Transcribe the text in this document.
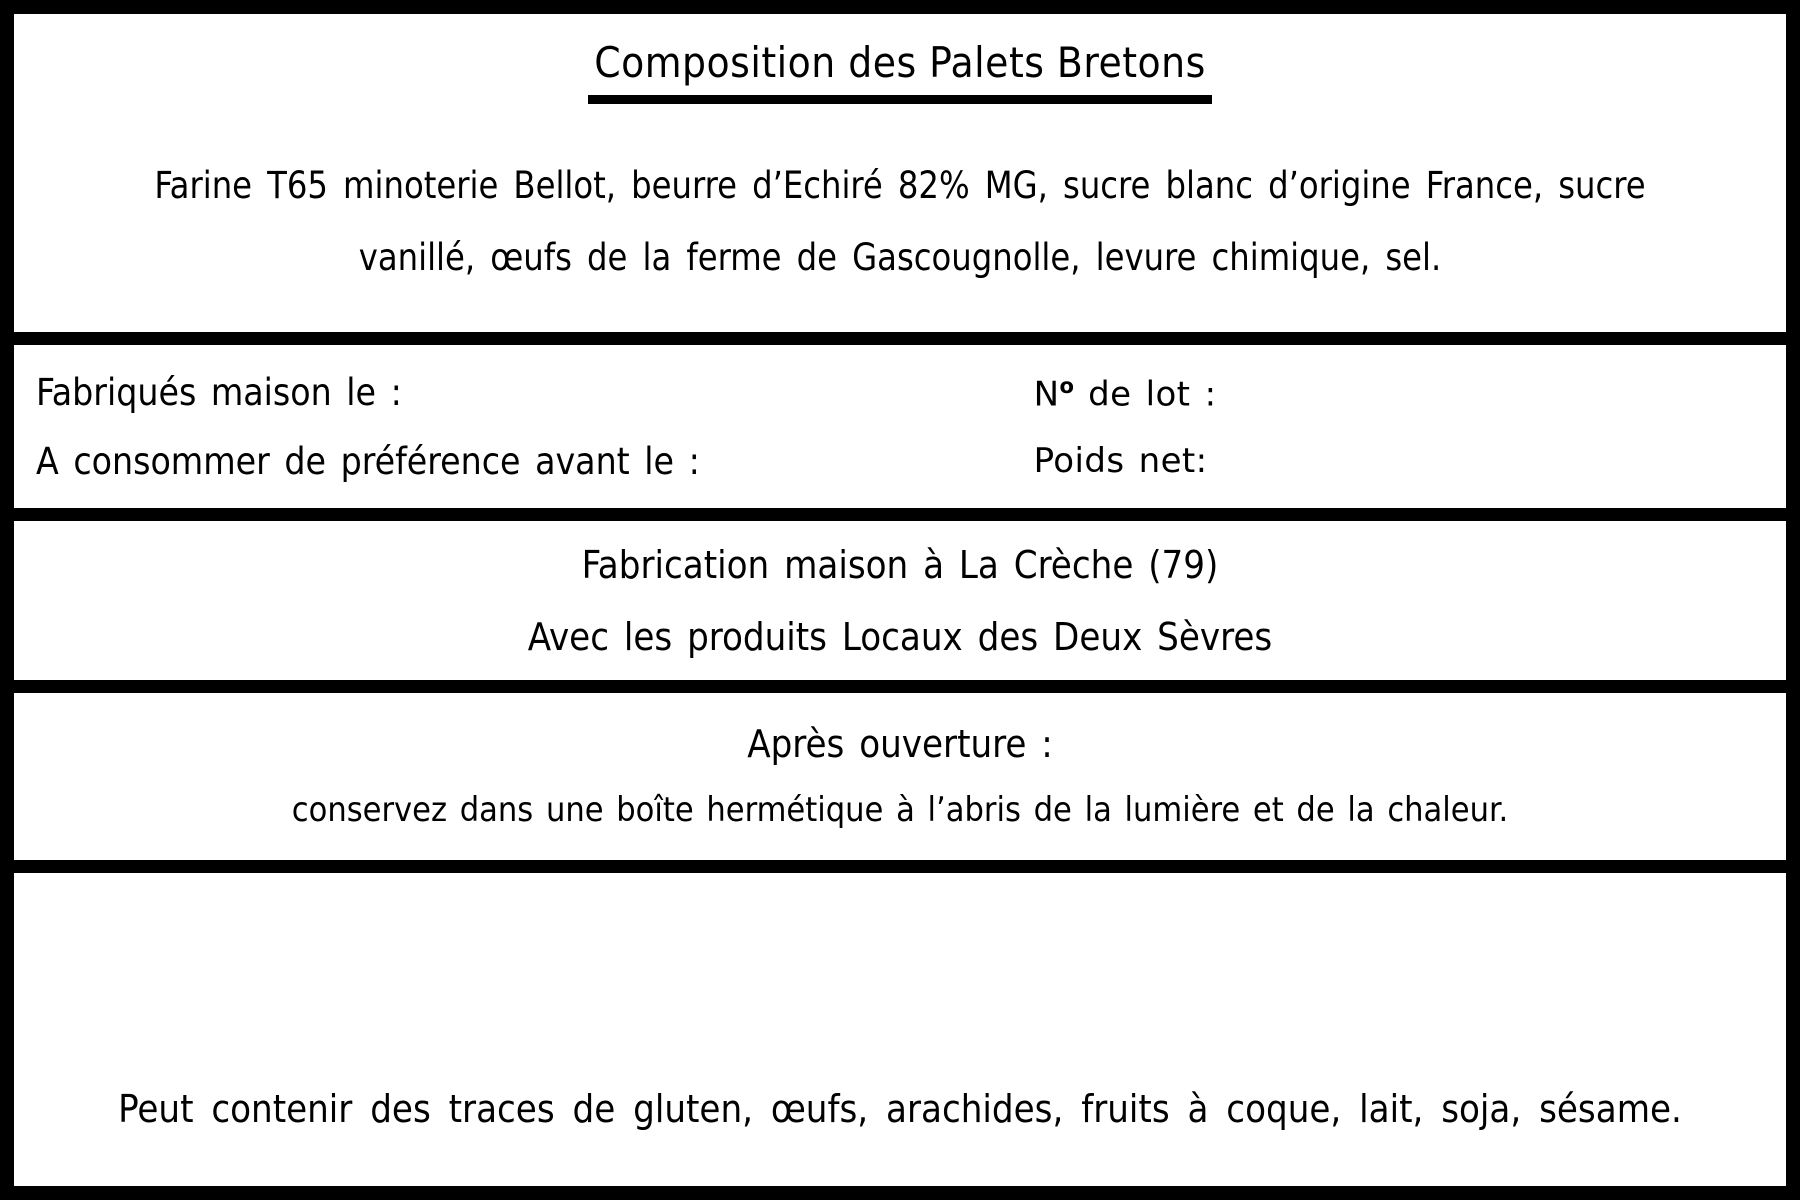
Composition des Palets Bretons

Farine T65 minoterie Bellot, beurre d’Echiré 82% MG, sucre blanc d’origine France, sucre vanillé, œufs de la ferme de Gascougnolle, levure chimique, sel.

Fabriqués maison le :
A consommer de préférence avant le :
$N^o$ de lot :
Poids net:
Fabrication maison à La Crèche (79)
Avec les produits Locaux des Deux Sèvres
Après ouverture :
conservez dans une boîte hermétique à l’abris de la lumière et de la chaleur.
Peut contenir des traces de gluten, œufs, arachides, fruits à coque, lait, soja, sésame.
